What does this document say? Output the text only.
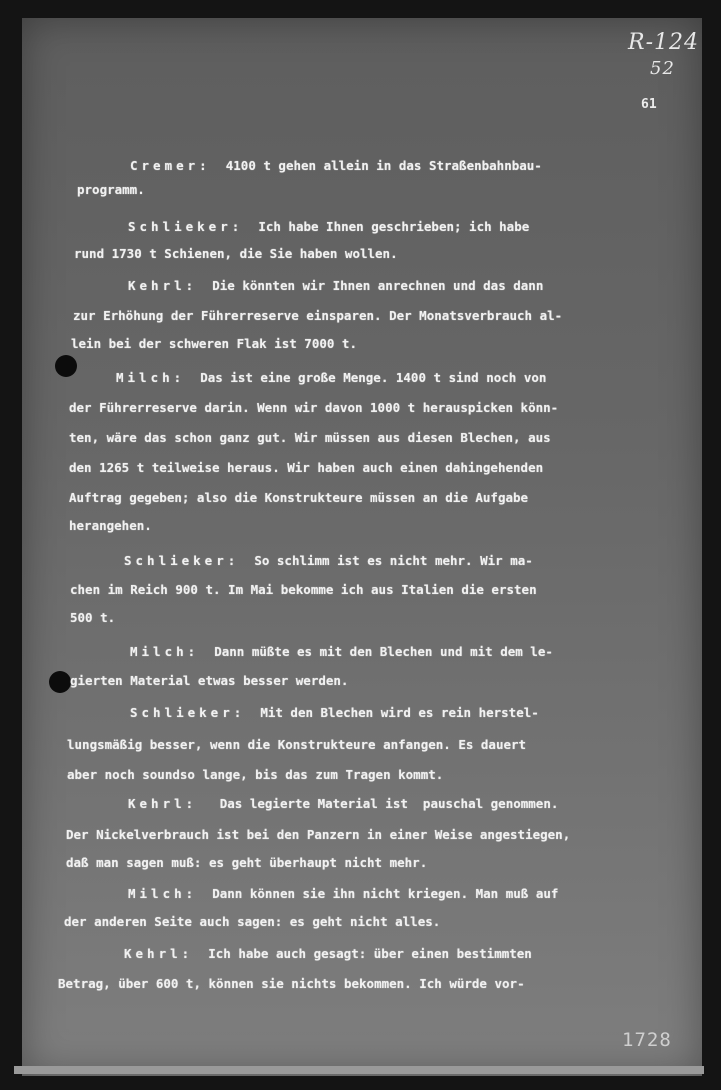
R-124
52
61

Cremer: 4100 t gehen allein in das Straßenbahnbau-

programm.

Schlieker: Ich habe Ihnen geschrieben; ich habe

rund 1730 t Schienen, die Sie haben wollen.

Kehrl: Die könnten wir Ihnen anrechnen und das dann

zur Erhöhung der Führerreserve einsparen. Der Monatsverbrauch al-

lein bei der schweren Flak ist 7000 t.

Milch: Das ist eine große Menge. 1400 t sind noch von

der Führerreserve darin. Wenn wir davon 1000 t herauspicken könn-

ten, wäre das schon ganz gut. Wir müssen aus diesen Blechen, aus

den 1265 t teilweise heraus. Wir haben auch einen dahingehenden

Auftrag gegeben; also die Konstrukteure müssen an die Aufgabe

herangehen.

Schlieker: So schlimm ist es nicht mehr. Wir ma-

chen im Reich 900 t. Im Mai bekomme ich aus Italien die ersten

500 t.

Milch: Dann müßte es mit den Blechen und mit dem le-

gierten Material etwas besser werden.

Schlieker: Mit den Blechen wird es rein herstel-

lungsmäßig besser, wenn die Konstrukteure anfangen. Es dauert

aber noch soundso lange, bis das zum Tragen kommt.

Kehrl: Das legierte Material ist  pauschal genommen.

Der Nickelverbrauch ist bei den Panzern in einer Weise angestiegen,

daß man sagen muß: es geht überhaupt nicht mehr.

Milch: Dann können sie ihn nicht kriegen. Man muß auf

der anderen Seite auch sagen: es geht nicht alles.

Kehrl: Ich habe auch gesagt: über einen bestimmten

Betrag, über 600 t, können sie nichts bekommen. Ich würde vor-

1728
